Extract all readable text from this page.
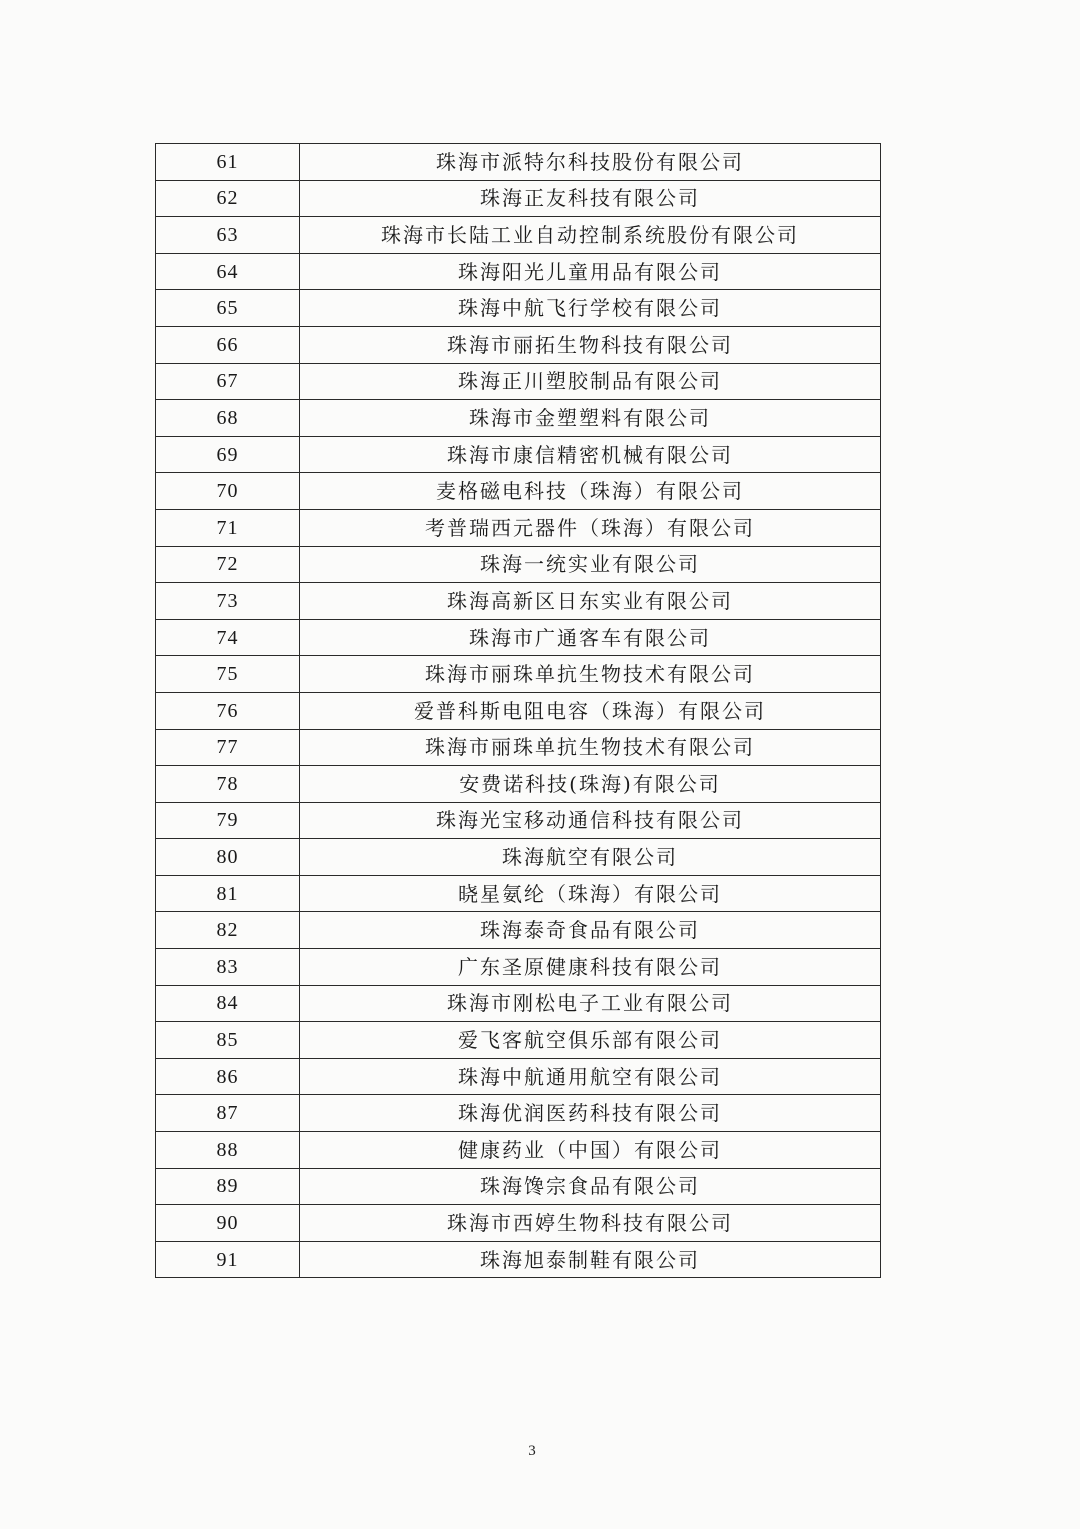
61	珠海市派特尔科技股份有限公司
62	珠海正友科技有限公司
63	珠海市长陆工业自动控制系统股份有限公司
64	珠海阳光儿童用品有限公司
65	珠海中航飞行学校有限公司
66	珠海市丽拓生物科技有限公司
67	珠海正川塑胶制品有限公司
68	珠海市金塑塑料有限公司
69	珠海市康信精密机械有限公司
70	麦格磁电科技（珠海）有限公司
71	考普瑞西元器件（珠海）有限公司
72	珠海一统实业有限公司
73	珠海高新区日东实业有限公司
74	珠海市广通客车有限公司
75	珠海市丽珠单抗生物技术有限公司
76	爱普科斯电阻电容（珠海）有限公司
77	珠海市丽珠单抗生物技术有限公司
78	安费诺科技(珠海)有限公司
79	珠海光宝移动通信科技有限公司
80	珠海航空有限公司
81	晓星氨纶（珠海）有限公司
82	珠海泰奇食品有限公司
83	广东圣原健康科技有限公司
84	珠海市刚松电子工业有限公司
85	爱飞客航空俱乐部有限公司
86	珠海中航通用航空有限公司
87	珠海优润医药科技有限公司
88	健康药业（中国）有限公司
89	珠海馋宗食品有限公司
90	珠海市西婷生物科技有限公司
91	珠海旭泰制鞋有限公司
3
